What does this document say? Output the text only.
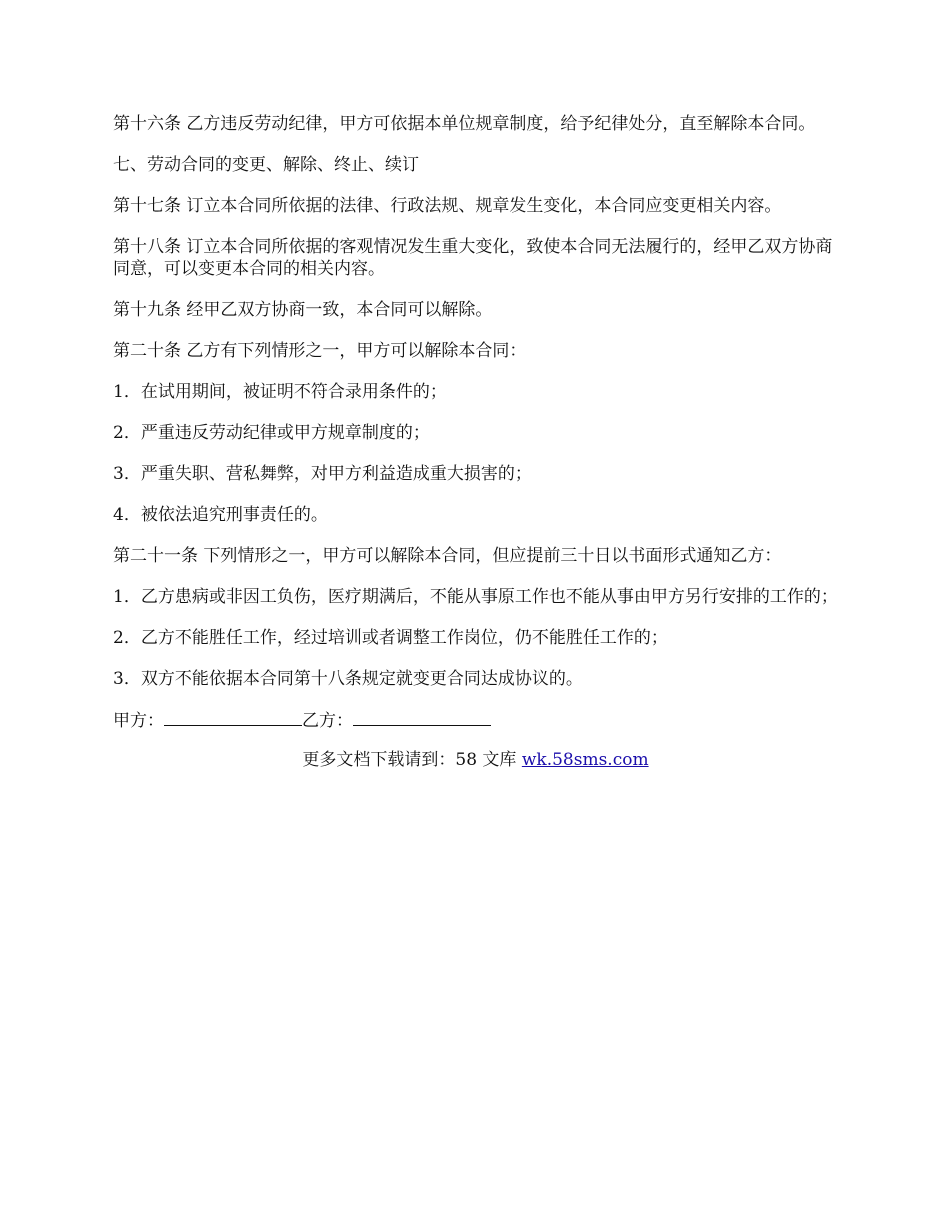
第十六条 乙方违反劳动纪律，甲方可依据本单位规章制度，给予纪律处分，直至解除本合同。

七、劳动合同的变更、解除、终止、续订

第十七条 订立本合同所依据的法律、行政法规、规章发生变化，本合同应变更相关内容。

第十八条 订立本合同所依据的客观情况发生重大变化，致使本合同无法履行的，经甲乙双方协商同意，可以变更本合同的相关内容。

第十九条 经甲乙双方协商一致，本合同可以解除。

第二十条 乙方有下列情形之一，甲方可以解除本合同：

1．在试用期间，被证明不符合录用条件的；

2．严重违反劳动纪律或甲方规章制度的；

3．严重失职、营私舞弊，对甲方利益造成重大损害的；

4．被依法追究刑事责任的。

第二十一条 下列情形之一，甲方可以解除本合同，但应提前三十日以书面形式通知乙方：

1．乙方患病或非因工负伤，医疗期满后，不能从事原工作也不能从事由甲方另行安排的工作的；

2．乙方不能胜任工作，经过培训或者调整工作岗位，仍不能胜任工作的；

3．双方不能依据本合同第十八条规定就变更合同达成协议的。

甲方：	乙方：

更多文档下载请到：58 文库 wk.58sms.com
